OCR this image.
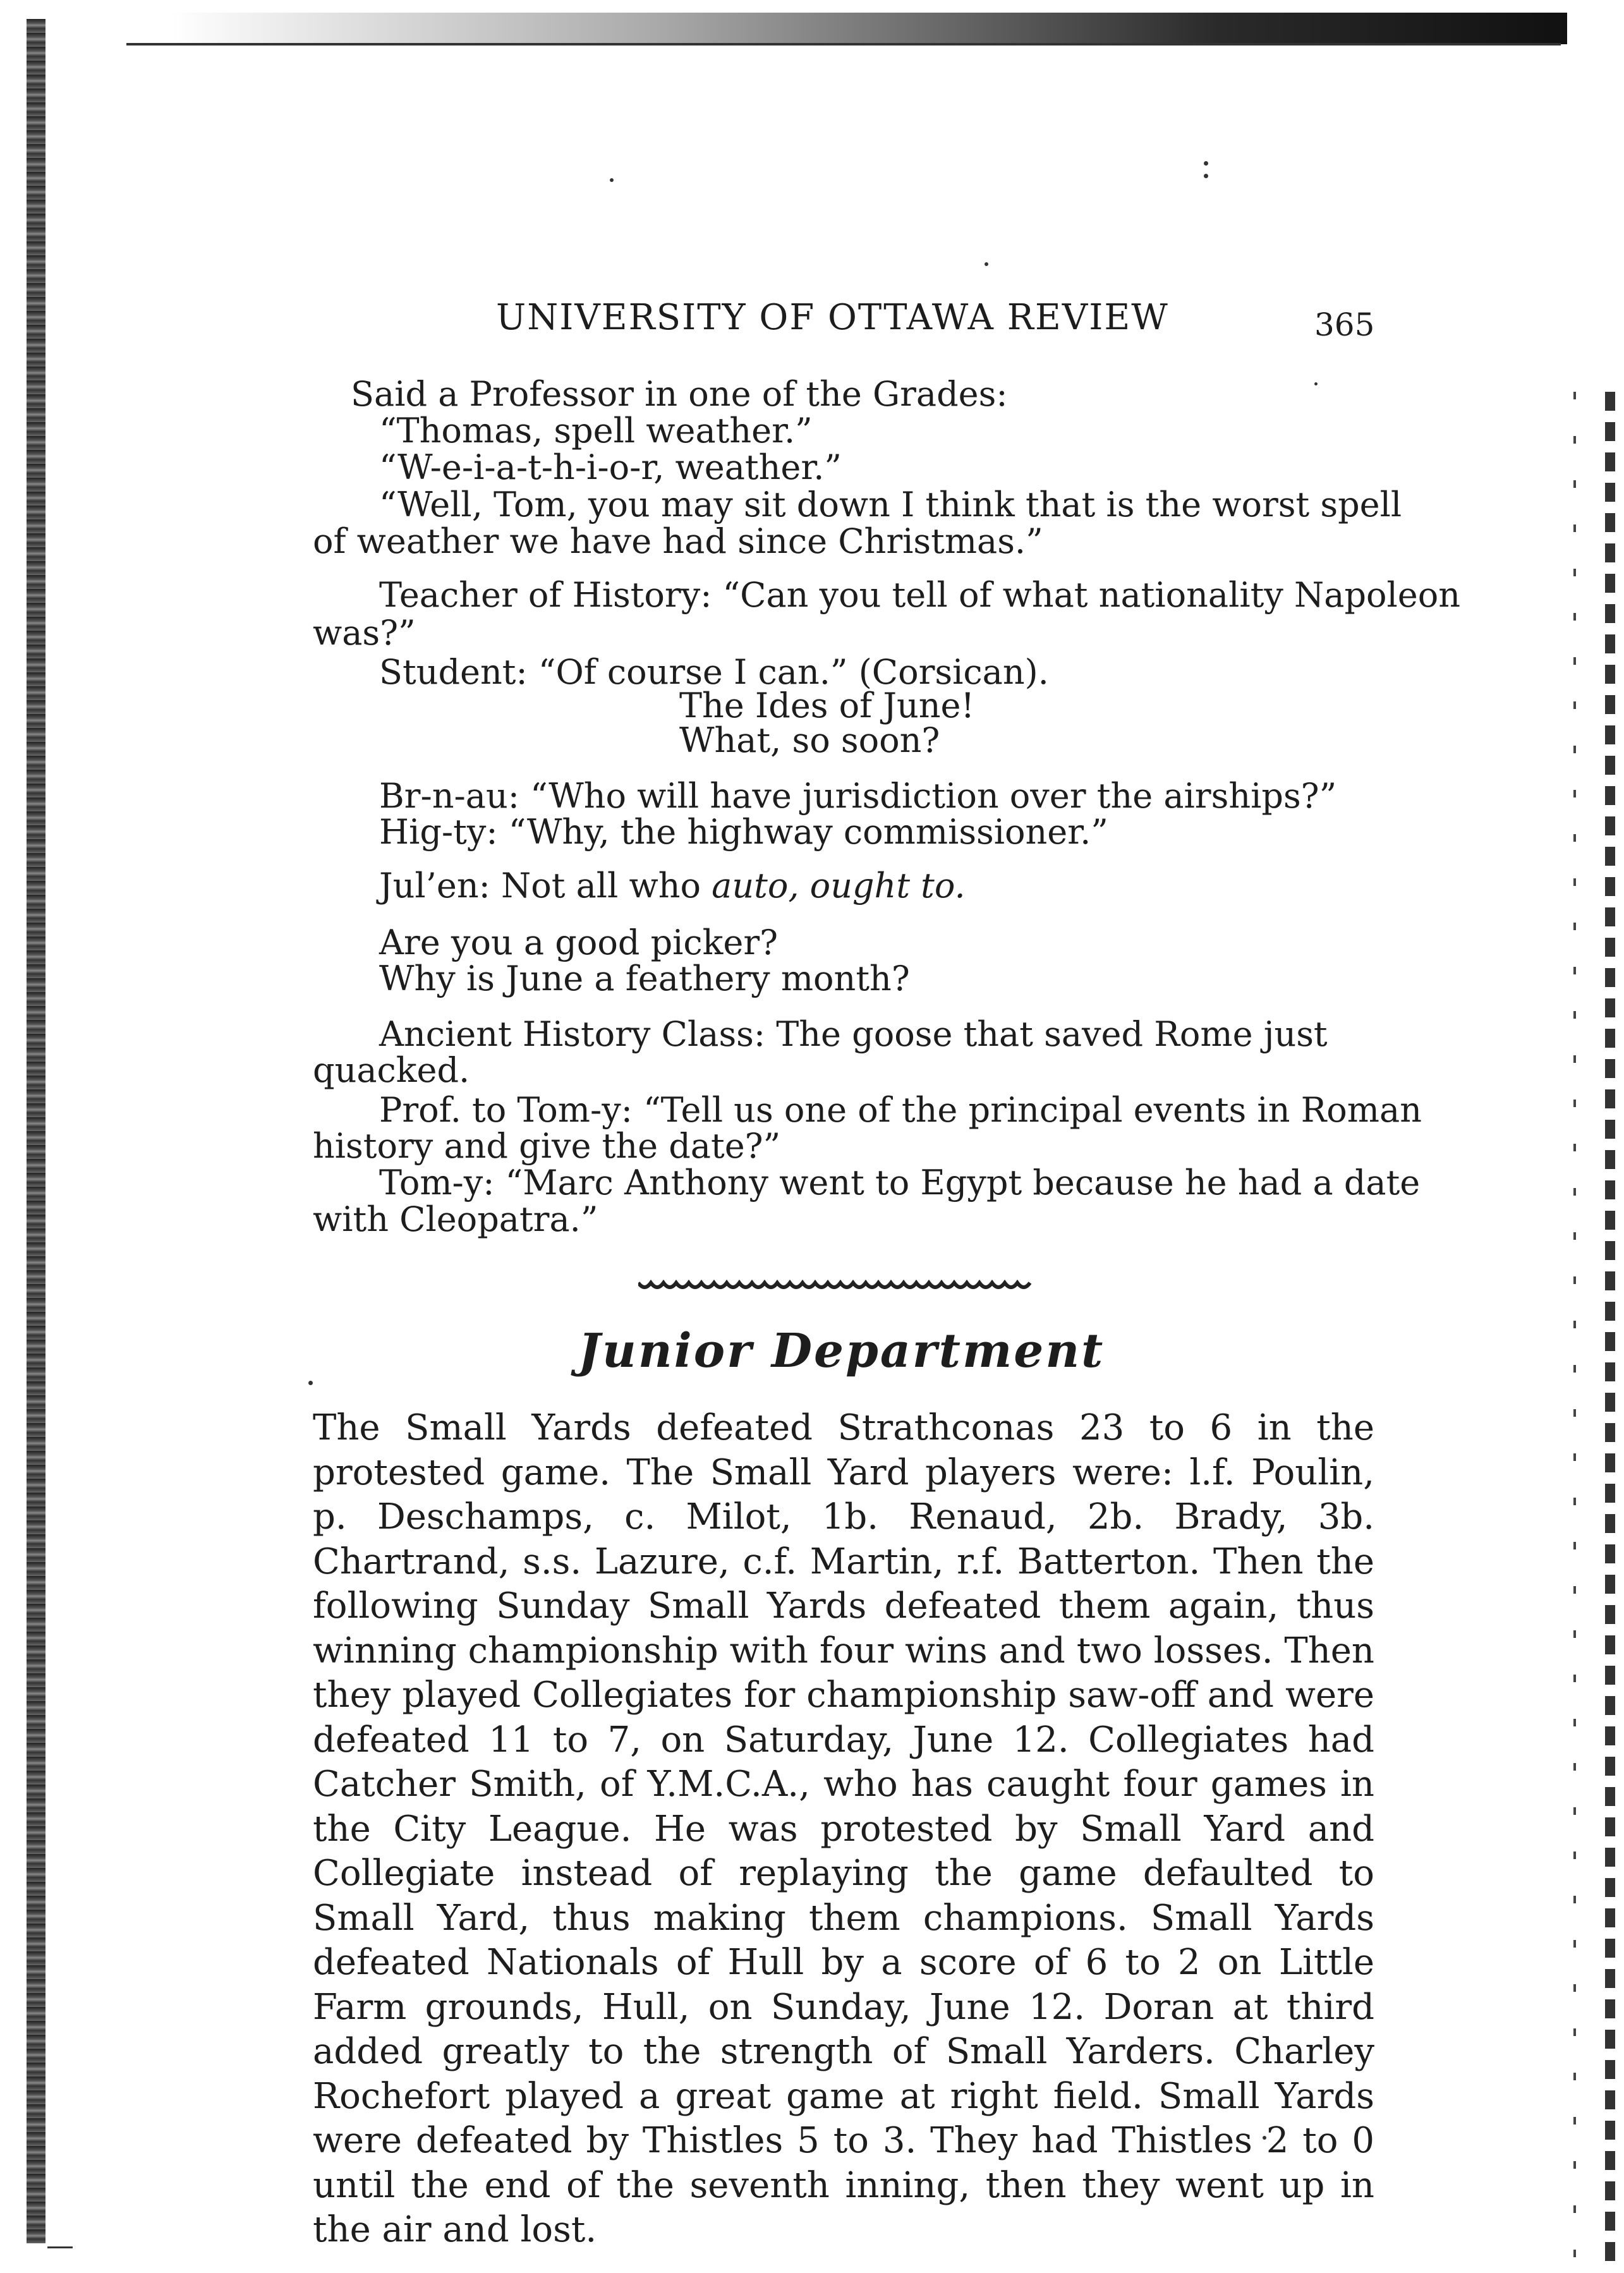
UNIVERSITY OF OTTAWA REVIEW	365

Said a Professor in one of the Grades:

“Thomas, spell weather.”

“W-e-i-a-t-h-i-o-r, weather.”

“Well, Tom, you may sit down I think that is the worst spell

of weather we have had since Christmas.”

Teacher of History: “Can you tell of what nationality Napoleon

was?”

Student: “Of course I can.” (Corsican).

The Ides of June!

What, so soon?

Br-n-au: “Who will have jurisdiction over the airships?”

Hig-ty: “Why, the highway commissioner.”

Jul’en: Not all who auto, ought to.

Are you a good picker?

Why is June a feathery month?

Ancient History Class: The goose that saved Rome just

quacked.

Prof. to Tom-y: “Tell us one of the principal events in Roman

history and give the date?”

Tom-y: “Marc Anthony went to Egypt because he had a date

with Cleopatra.”

Junior Department

The Small Yards defeated Strathconas 23 to 6 in the protested game. The Small Yard players were: l.f. Poulin, p. Deschamps, c. Milot, 1b. Renaud, 2b. Brady, 3b. Chartrand, s.s. Lazure, c.f. Martin, r.f. Batterton. Then the following Sunday Small Yards defeated them again, thus winning championship with four wins and two losses. Then they played Collegiates for championship saw-off and were defeated 11 to 7, on Saturday, June 12. Collegiates had Catcher Smith, of Y.M.C.A., who has caught four games in the City League. He was protested by Small Yard and Collegiate instead of replaying the game defaulted to Small Yard, thus making them champions. Small Yards defeated Nationals of Hull by a score of 6 to 2 on Little Farm grounds, Hull, on Sunday, June 12. Doran at third added greatly to the strength of Small Yarders. Charley Rochefort played a great game at right field. Small Yards were defeated by Thistles 5 to 3. They had Thistles 2 to 0 until the end of the seventh inning, then they went up in the air and lost.
